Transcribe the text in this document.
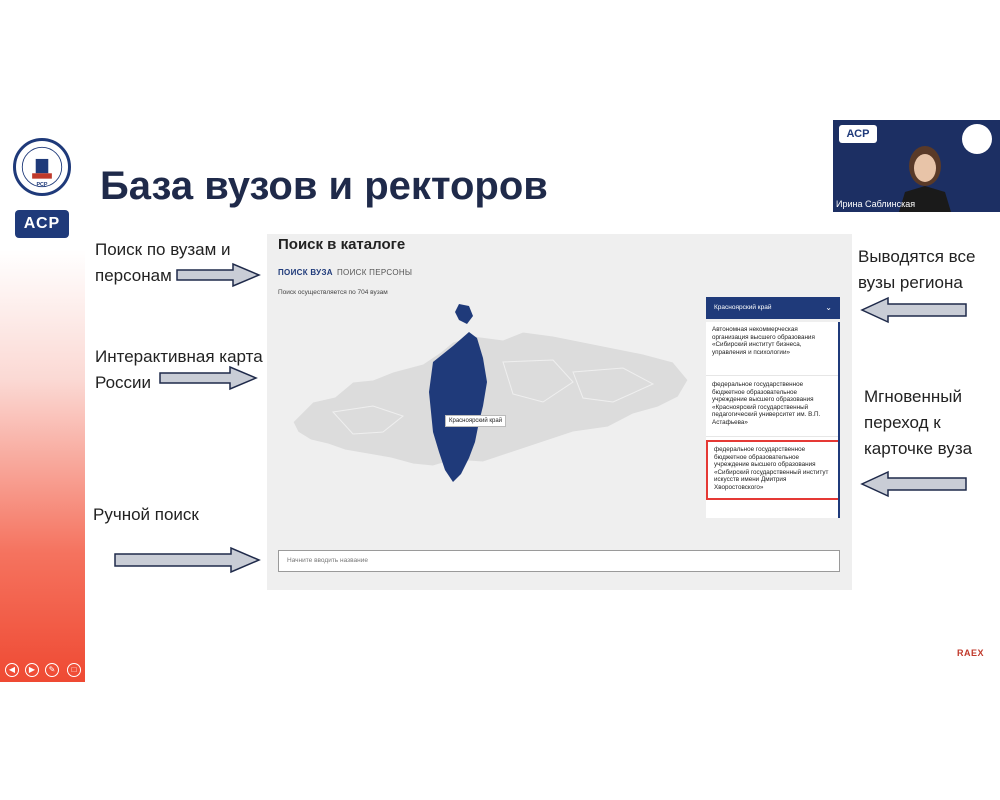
РСР
АСР
База вузов и ректоров
Поиск по вузам и персонам
Интерактивная карта России
Ручной поиск
Выводятся все вузы региона
Мгновенный переход к карточке вуза
Поиск в каталоге
ПОИСК ВУЗА ПОИСК ПЕРСОНЫ
Поиск осуществляется по 704 вузам
Красноярский край
Красноярский край	⌄
Автономная некоммерческая организация высшего образования «Сибирский институт бизнеса, управления и психологии»
федеральное государственное бюджетное образовательное учреждение высшего образования «Красноярский государственный педагогический университет им. В.П. Астафьева»
федеральное государственное бюджетное образовательное учреждение высшего образования «Сибирский государственный институт искусств имени Дмитрия Хворостовского»
Начните вводить название
АСР
Ирина Саблинская
◀	▶	✎	□	⊕	⋯
RAEX
